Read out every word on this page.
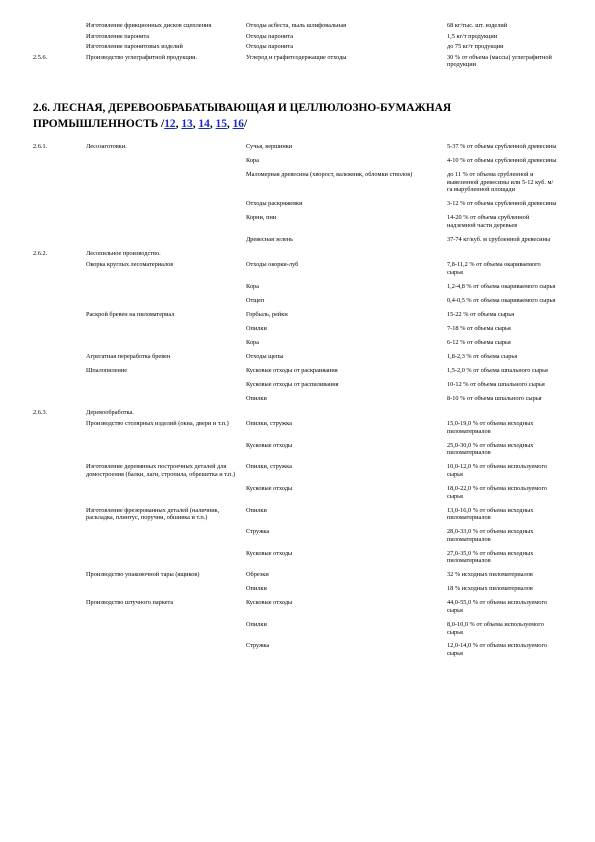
	Изготовление фрикционных дисков сцепления	Отходы асбеста, пыль шлифовальная	68 кг/тыс. шт. изделий
	Изготовление паронита	Отходы паронита	1,5 кг/т продукции
	Изготовление паронитовых изделий	Отходы паронита	до 75 кг/т продукции
2.5.6.	Производство углеграфитной продукции.	Углерод и графитсодержащие отходы	30 % от объема (массы) углеграфитной продукции
2.6. ЛЕСНАЯ, ДЕРЕВООБРАБАТЫВАЮЩАЯ И ЦЕЛЛЮЛОЗНО-БУМАЖНАЯ ПРОМЫШЛЕННОСТЬ /12, 13, 14, 15, 16/
2.6.1.	Лесозаготовки.	Сучья, вершинки	5-37 % от объема срубленной древесины
		Кора	4-10 % от объема срубленной древесины
		Маломерная древесина (хворост, валежник, обломки стволов)	до 11 % от объема срубленной и вывезенной древесины или 5-12 куб. м/га вырубленной площади
		Отходы раскряжевки	3-12 % от объема срубленной древесины
		Корни, пни	14-20 % от объема срубленной надземной части деревьев
		Древесная зелень	37-74 кг/куб. м срубленной древесины
2.6.2.	Лесопильное производство.		
	Окорка круглых лесоматериалов	Отходы окорки-луб	7,8-11,2 % от объема окариваемого сырья
		Кора	1,2-4,8 % от объема окариваемого сырья
		Отщеп	0,4-0,5 % от объема окариваемого сырья
	Раскрой бревен на пиломатериал	Горбыль, рейки	15-22 % от объема сырья
		Опилки	7-18 % от объема сырья
		Кора	6-12 % от объема сырья
	Агрегатная переработка бревен	Отходы щепы	1,8-2,3 % от объема сырья
	Шпалопиление	Кусковые отходы от раскраивания	1,5-2,0 % от объема шпального сырья
		Кусковые отходы от распиливания	10-12 % от объема шпального сырья
		Опилки	8-10 % от объема шпального сырья
2.6.3.	Деревообработка.		
	Производство столярных изделий (окна, двери и т.п.)	Опилки, стружка	15,0-19,0 % от объема исходных пиломатериалов
		Кусковые отходы	25,0-30,0 % от объема исходных пиломатериалов
	Изготовление деревянных построечных деталей для домостроения (балки, лаги, стропила, обрешетка и т.п.)	Опилки, стружка	10,0-12,0 % от объема используемого сырья
		Кусковые отходы	18,0-22,0 % от объема используемого сырья
	Изготовление фрезерованных деталей (наличник, раскладка, плинтус, поручни, обшивка и т.п.)	Опилки	13,0-16,0 % от объема исходных пиломатериалов
		Стружка	28,0-33,0 % от объема исходных пиломатериалов
		Кусковые отходы	27,0-35,0 % от объема исходных пиломатериалов
	Производство упаковочной тары (ящиков)	Обрезки	32 % исходных пиломатериалов
		Опилки	18 % исходных пиломатериалов
	Производство штучного паркета	Кусковые отходы	44,0-55,0 % от объема используемого сырья
		Опилки	8,0-10,0 % от объема используемого сырья
		Стружка	12,0-14,0 % от объема используемого сырья
